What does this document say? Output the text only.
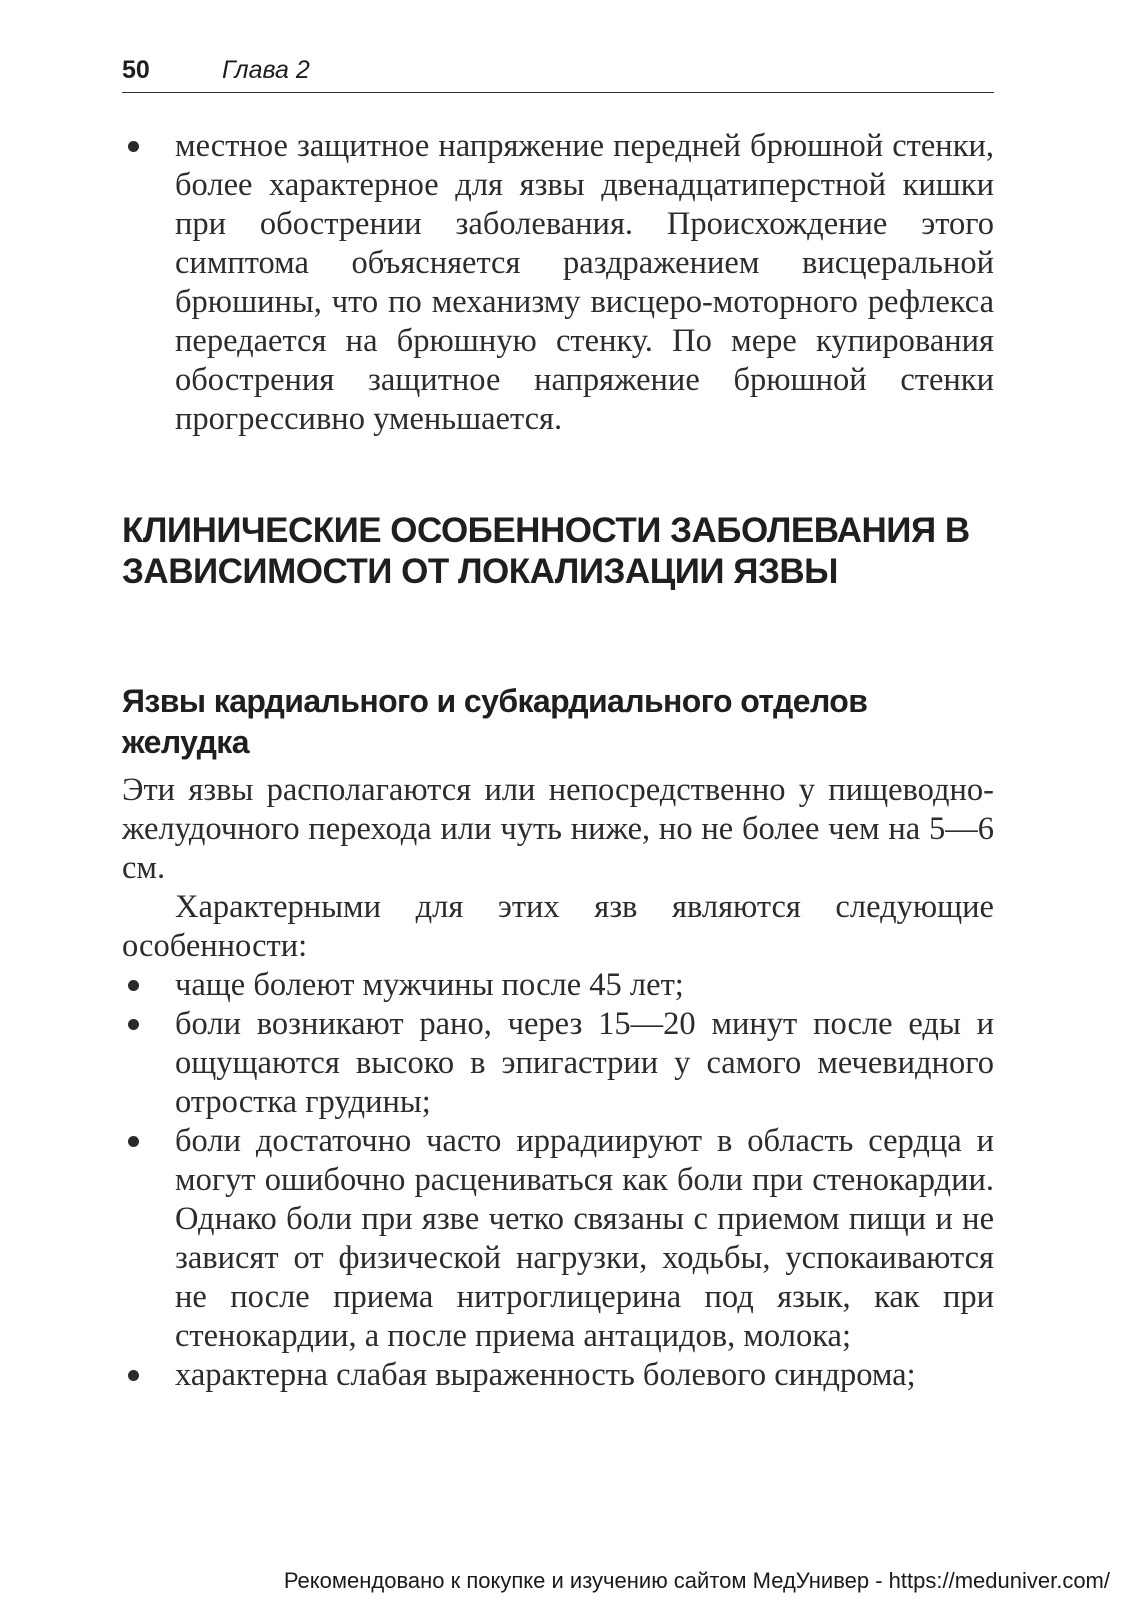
50	Глава 2
местное защитное напряжение передней брюшной стенки, более характерное для язвы двенадцатиперстной кишки при обострении заболевания. Происхождение этого симптома объясняется раздражением висцеральной брюшины, что по механизму висцеро-моторного рефлекса передается на брюшную стенку. По мере купирования обострения защитное напряжение брюшной стенки прогрессивно уменьшается.
КЛИНИЧЕСКИЕ ОСОБЕННОСТИ ЗАБОЛЕВАНИЯ В ЗАВИСИМОСТИ ОТ ЛОКАЛИЗАЦИИ ЯЗВЫ
Язвы кардиального и субкардиального отделов желудка

Эти язвы располагаются или непосредственно у пищеводно-желудочного перехода или чуть ниже, но не более чем на 5—6 см.

Характерными для этих язв являются следующие особенности:

чаще болеют мужчины после 45 лет;
боли возникают рано, через 15—20 минут после еды и ощущаются высоко в эпигастрии у самого мечевидного отростка грудины;
боли достаточно часто иррадиируют в область сердца и могут ошибочно расцениваться как боли при стенокардии. Однако боли при язве четко связаны с приемом пищи и не зависят от физической нагрузки, ходьбы, успокаиваются не после приема нитроглицерина под язык, как при стенокардии, а после приема антацидов, молока;
характерна слабая выраженность болевого синдрома;
Рекомендовано к покупке и изучению сайтом МедУнивер - https://meduniver.com/
